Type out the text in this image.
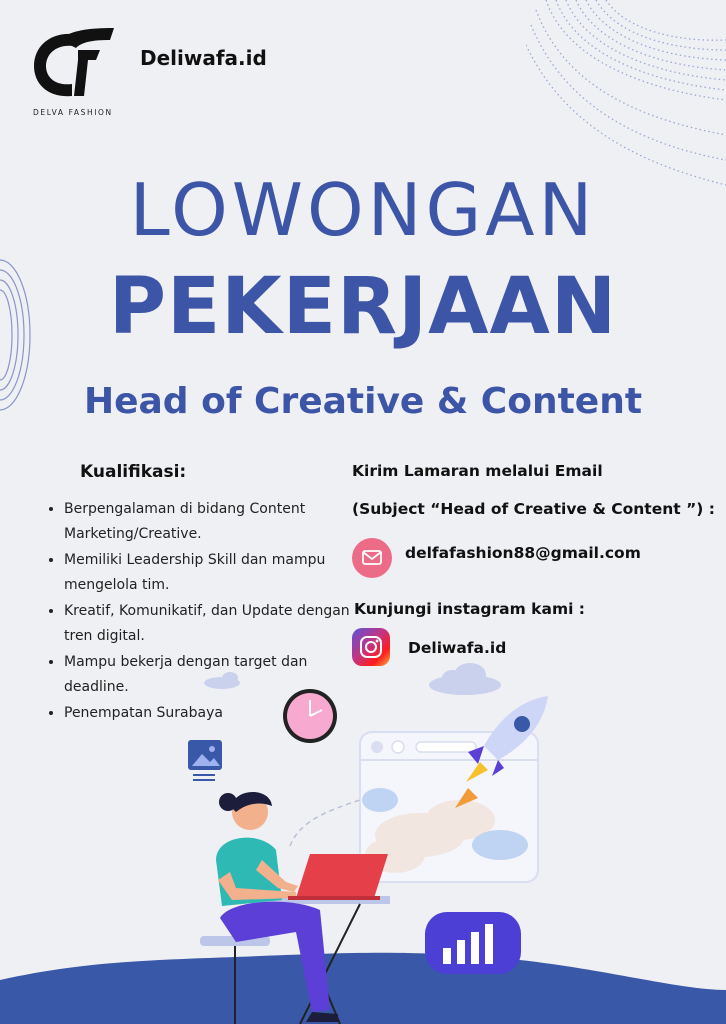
DELVA FASHION
Deliwafa.id
LOWONGAN
PEKERJAAN
Head of Creative & Content
Kualifikasi:
• Berpengalaman di bidang Content Marketing/Creative.
• Memiliki Leadership Skill dan mampu mengelola tim.
• Kreatif, Komunikatif, dan Update dengan tren digital.
• Mampu bekerja dengan target dan deadline.
• Penempatan Surabaya
Kirim Lamaran melalui Email
(Subject “Head of Creative & Content ”) :
delfafashion88@gmail.com
Kunjungi instagram kami :
Deliwafa.id
